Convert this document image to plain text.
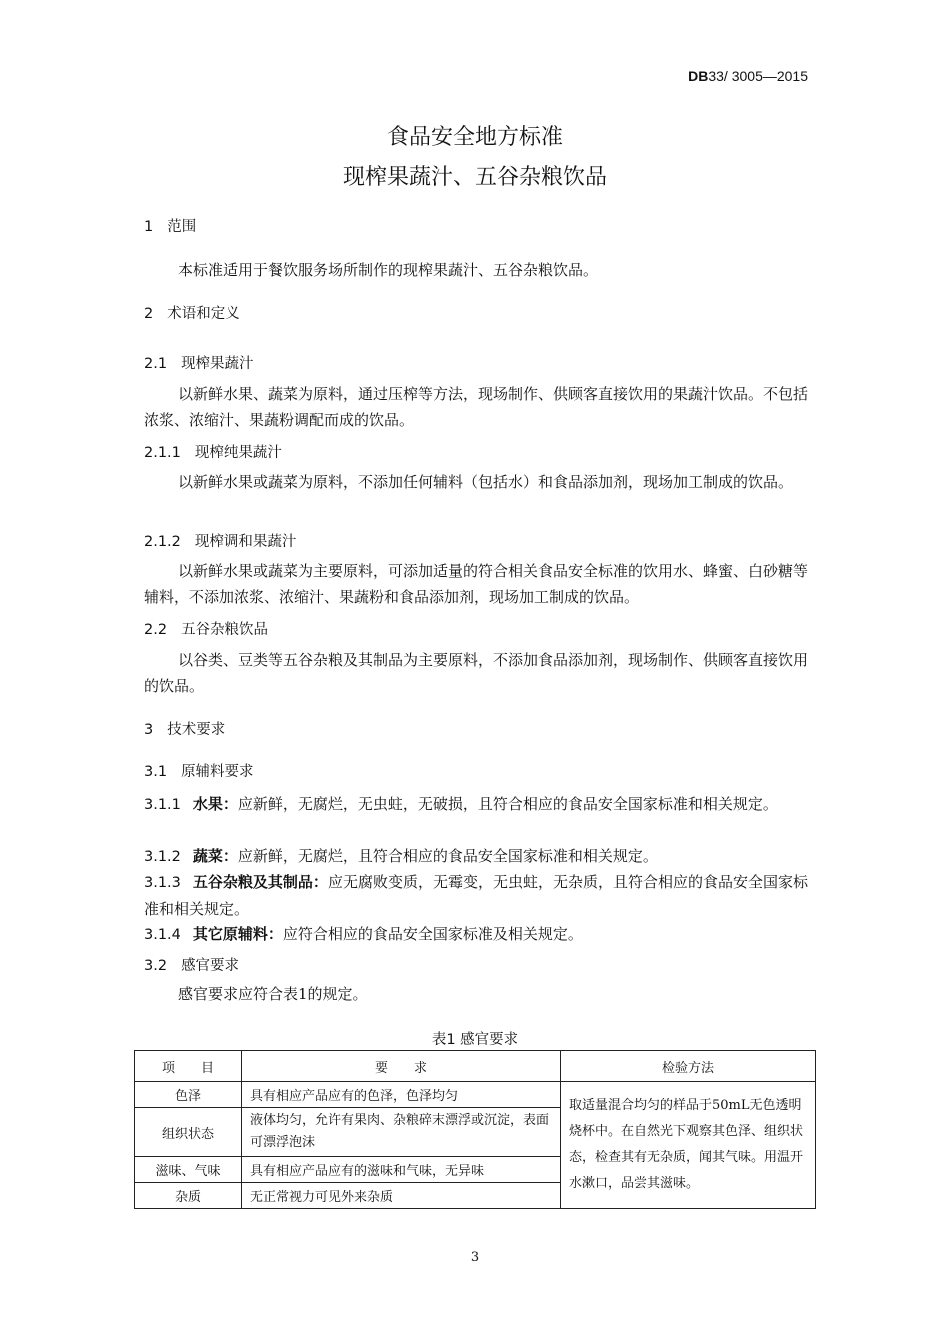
DB33/ 3005—2015
食品安全地方标准
现榨果蔬汁、五谷杂粮饮品
1 范围
本标准适用于餐饮服务场所制作的现榨果蔬汁、五谷杂粮饮品。
2 术语和定义
2.1 现榨果蔬汁
以新鲜水果、蔬菜为原料，通过压榨等方法，现场制作、供顾客直接饮用的果蔬汁饮品。不包括浓浆、浓缩汁、果蔬粉调配而成的饮品。
2.1.1 现榨纯果蔬汁
以新鲜水果或蔬菜为原料，不添加任何辅料（包括水）和食品添加剂，现场加工制成的饮品。
2.1.2 现榨调和果蔬汁
以新鲜水果或蔬菜为主要原料，可添加适量的符合相关食品安全标准的饮用水、蜂蜜、白砂糖等辅料，不添加浓浆、浓缩汁、果蔬粉和食品添加剂，现场加工制成的饮品。
2.2 五谷杂粮饮品
以谷类、豆类等五谷杂粮及其制品为主要原料，不添加食品添加剂，现场制作、供顾客直接饮用的饮品。
3 技术要求
3.1 原辅料要求
3.1.1 水果：应新鲜，无腐烂，无虫蛀，无破损，且符合相应的食品安全国家标准和相关规定。
3.1.2 蔬菜：应新鲜，无腐烂，且符合相应的食品安全国家标准和相关规定。
3.1.3 五谷杂粮及其制品：应无腐败变质，无霉变，无虫蛀，无杂质，且符合相应的食品安全国家标准和相关规定。
3.1.4 其它原辅料：应符合相应的食品安全国家标准及相关规定。
3.2 感官要求
感官要求应符合表1的规定。
表1 感官要求
项　　目	要　　求	检验方法
色泽	具有相应产品应有的色泽，色泽均匀	取适量混合均匀的样品于50mL无色透明烧杯中。在自然光下观察其色泽、组织状态，检查其有无杂质，闻其气味。用温开水漱口，品尝其滋味。
组织状态	液体均匀，允许有果肉、杂粮碎末漂浮或沉淀，表面可漂浮泡沫	
滋味、气味	具有相应产品应有的滋味和气味，无异味	
杂质	无正常视力可见外来杂质	
3
